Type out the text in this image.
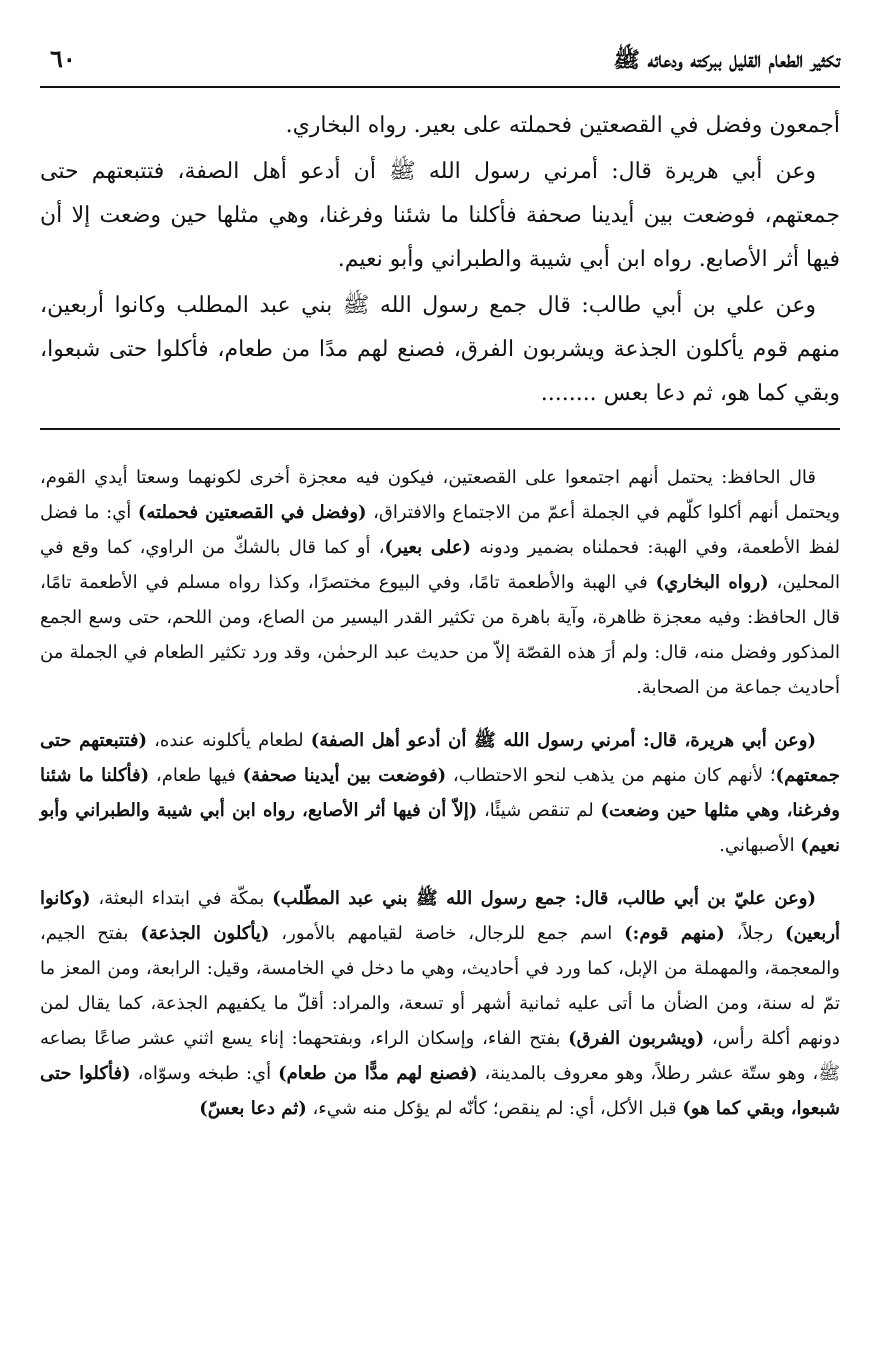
تكثير الطعام القليل ببركته ودعائه ﷺ
٦٠

أجمعون وفضل في القصعتين فحملته على بعير. رواه البخاري.

وعن أبي هريرة قال: أمرني رسول الله ﷺ أن أدعو أهل الصفة، فتتبعتهم حتى جمعتهم، فوضعت بين أيدينا صحفة فأكلنا ما شئنا وفرغنا، وهي مثلها حين وضعت إلا أن فيها أثر الأصابع. رواه ابن أبي شيبة والطبراني وأبو نعيم.

وعن علي بن أبي طالب: قال جمع رسول الله ﷺ بني عبد المطلب وكانوا أربعين، منهم قوم يأكلون الجذعة ويشربون الفرق، فصنع لهم مدًا من طعام، فأكلوا حتى شبعوا، وبقي كما هو، ثم دعا بعس ........

قال الحافظ: يحتمل أنهم اجتمعوا على القصعتين، فيكون فيه معجزة أخرى لكونهما وسعتا أيدي القوم، ويحتمل أنهم أكلوا كلّهم في الجملة أعمّ من الاجتماع والافتراق، (وفضل في القصعتين فحملته) أي: ما فضل لفظ الأطعمة، وفي الهبة: فحملناه بضمير ودونه (على بعير)، أو كما قال بالشكّ من الراوي، كما وقع في المحلين، (رواه البخاري) في الهبة والأطعمة تامًا، وفي البيوع مختصرًا، وكذا رواه مسلم في الأطعمة تامًا، قال الحافظ: وفيه معجزة ظاهرة، وآية باهرة من تكثير القدر اليسير من الصاع، ومن اللحم، حتى وسع الجمع المذكور وفضل منه، قال: ولم أرَ هذه القصّة إلاّ من حديث عبد الرحمٰن، وقد ورد تكثير الطعام في الجملة من أحاديث جماعة من الصحابة.

(وعن أبي هريرة، قال: أمرني رسول الله ﷺ أن أدعو أهل الصفة) لطعام يأكلونه عنده، (فتتبعتهم حتى جمعتهم)؛ لأنهم كان منهم من يذهب لنحو الاحتطاب، (فوضعت بين أيدينا صحفة) فيها طعام، (فأكلنا ما شئنا وفرغنا، وهي مثلها حين وضعت) لم تنقص شيئًا، (إلاّ أن فيها أثر الأصابع، رواه ابن أبي شيبة والطبراني وأبو نعيم) الأصبهاني.

(وعن عليّ بن أبي طالب، قال: جمع رسول الله ﷺ بني عبد المطّلب) بمكّة في ابتداء البعثة، (وكانوا أربعين) رجلاً، (منهم قوم:) اسم جمع للرجال، خاصة لقيامهم بالأمور، (يأكلون الجذعة) بفتح الجيم، والمعجمة، والمهملة من الإبل، كما ورد في أحاديث، وهي ما دخل في الخامسة، وقيل: الرابعة، ومن المعز ما تمّ له سنة، ومن الضأن ما أتى عليه ثمانية أشهر أو تسعة، والمراد: أقلّ ما يكفيهم الجذعة، كما يقال لمن دونهم أكلة رأس، (ويشربون الفرق) بفتح الفاء، وإسكان الراء، وبفتحهما: إناء يسع اثني عشر صاعًا بصاعه ﷺ، وهو ستّة عشر رطلاً، وهو معروف بالمدينة، (فصنع لهم مدًّا من طعام) أي: طبخه وسوّاه، (فأكلوا حتى شبعوا، وبقي كما هو) قبل الأكل، أي: لم ينقص؛ كأنّه لم يؤكل منه شيء، (ثم دعا بعسّ)
